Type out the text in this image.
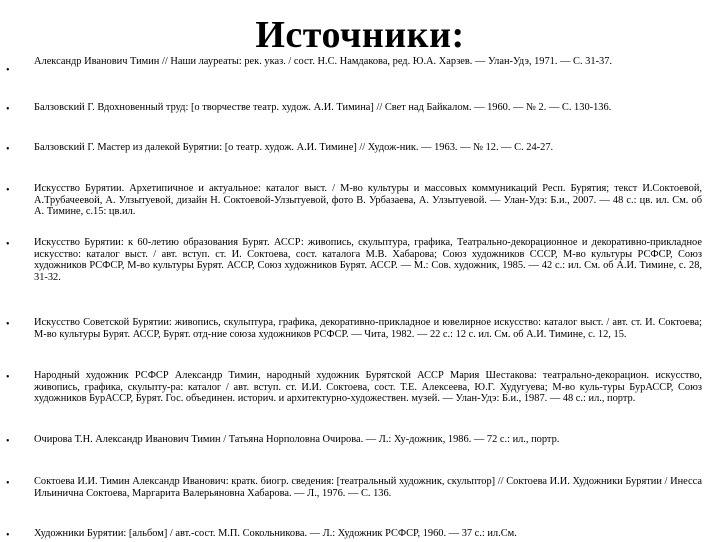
Источники:
•
Александр Иванович Тимин // Наши лауреаты: рек. указ. / сост. Н.С. Намдакова, ред. Ю.А. Харзев. — Улан-Удэ, 1971. — С. 31-37.
• Балзовский Г. Вдохновенный труд: [о творчестве театр. худож. А.И. Тимина] // Свет над Байкалом. — 1960. — № 2. — С. 130-136.
• Балзовский Г. Мастер из далекой Бурятии: [о театр. худож. А.И. Тимине] // Худож-ник. — 1963. — № 12. — С. 24-27.
• Искусство Бурятии. Архетипичное и актуальное: каталог выст. / М-во культуры и массовых коммуникаций Респ. Бурятия; текст И.Соктоевой, А.Трубачеевой, А. Улзытуевой, дизайн Н. Соктоевой-Улзытуевой, фото В. Урбазаева, А. Улзытуевой. — Улан-Удэ: Б.и., 2007. — 48 с.: цв. ил. См. об А. Тимине, с.15: цв.ил.
• Искусство Бурятии: к 60-летию образования Бурят. АССР: живопись, скульптура, графика, Театрально-декорационное и декоративно-прикладное искусство: каталог выст. / авт. вступ. ст. И. Соктоева, сост. каталога М.В. Хабарова; Союз художников СССР, М-во культуры РСФСР, Союз художников РСФСР, М-во культуры Бурят. АССР, Союз художников Бурят. АССР. — М.: Сов. художник, 1985. — 42 с.: ил. См. об А.И. Тимине, с. 28, 31-32.
• Искусство Советской Бурятии: живопись, скульптура, графика, декоративно-прикладное и ювелирное искусство: каталог выст. / авт. ст. И. Соктоева; М-во культуры Бурят. АССР, Бурят. отд-ние союза художников РСФСР. — Чита, 1982. — 22 с.: 12 с. ил. См. об А.И. Тимине, с. 12, 15.
• Народный художник РСФСР Александр Тимин, народный художник Бурятской АССР Мария Шестакова: театрально-декорацион. искусство, живопись, графика, скульпту-ра: каталог / авт. вступ. ст. И.И. Соктоева, сост. Т.Е. Алексеева, Ю.Г. Худугуева; М-во куль-туры БурАССР, Союз художников БурАССР, Бурят. Гос. объединен. историч. и архитектурно-художествен. музей. — Улан-Удэ: Б.и., 1987. — 48 с.: ил., портр.
• Очирова Т.Н. Александр Иванович Тимин / Татьяна Норполовна Очирова. — Л.: Ху-дожник, 1986. — 72 с.: ил., портр.
• Соктоева И.И. Тимин Александр Иванович: кратк. биогр. сведения: [театральный художник, скульптор] // Соктоева И.И. Художники Бурятии / Инесса Ильинична Соктоева, Маргарита Валерьяновна Хабарова. — Л., 1976. — С. 136.
• Художники Бурятии: [альбом] / авт.-сост. М.П. Сокольникова. — Л.: Художник РСФСР, 1960. — 37 с.: ил.См.
